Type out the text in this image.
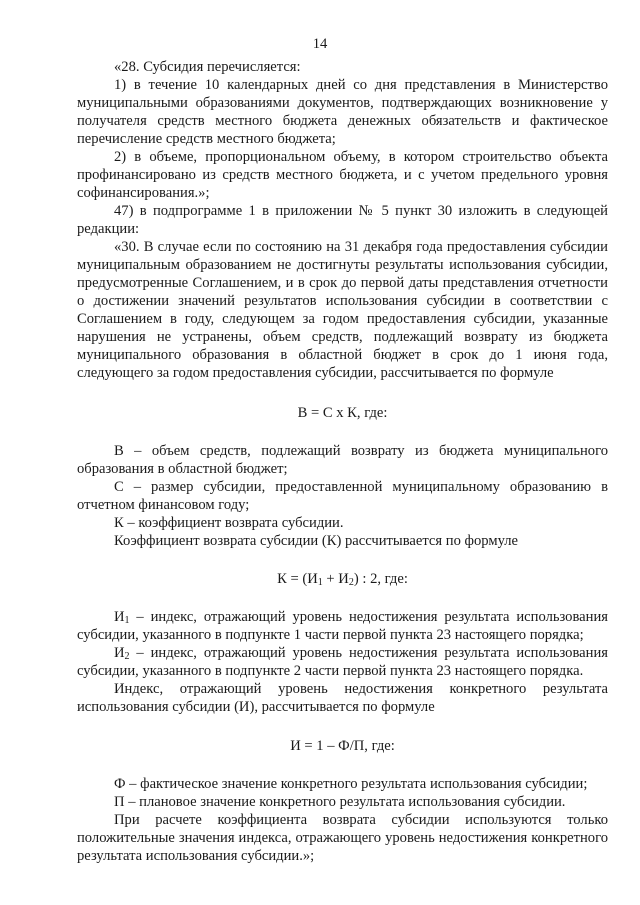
14

«28. Субсидия перечисляется:

1) в течение 10 календарных дней со дня представления в Министерство муниципальными образованиями документов, подтверждающих возникновение у получателя средств местного бюджета денежных обязательств и фактическое перечисление средств местного бюджета;

2) в объеме, пропорциональном объему, в котором строительство объекта профинансировано из средств местного бюджета, и с учетом предельного уровня софинансирования.»;

47) в подпрограмме 1 в приложении № 5 пункт 30 изложить в следующей редакции:

«30. В случае если по состоянию на 31 декабря года предоставления субсидии муниципальным образованием не достигнуты результаты использования субсидии, предусмотренные Соглашением, и в срок до первой даты представления отчетности о достижении значений результатов использования субсидии в соответствии с Соглашением в году, следующем за годом предоставления субсидии, указанные нарушения не устранены, объем средств, подлежащий возврату из бюджета муниципального образования в областной бюджет в срок до 1 июня года, следующего за годом предоставления субсидии, рассчитывается по формуле

В = С х К, где:

В – объем средств, подлежащий возврату из бюджета муниципального образования в областной бюджет;

С – размер субсидии, предоставленной муниципальному образованию в отчетном финансовом году;

К – коэффициент возврата субсидии.

Коэффициент возврата субсидии (К) рассчитывается по формуле

$К = (И_1 + И_2)$ : 2, где:

$И_1$ – индекс, отражающий уровень недостижения результата использования субсидии, указанного в подпункте 1 части первой пункта 23 настоящего порядка;

$И_2$ – индекс, отражающий уровень недостижения результата использования субсидии, указанного в подпункте 2 части первой пункта 23 настоящего порядка.

Индекс, отражающий уровень недостижения конкретного результата использования субсидии (И), рассчитывается по формуле

И = 1 – Ф/П, где:

Ф – фактическое значение конкретного результата использования субсидии;

П – плановое значение конкретного результата использования субсидии.

При расчете коэффициента возврата субсидии используются только положительные значения индекса, отражающего уровень недостижения конкретного результата использования субсидии.»;
